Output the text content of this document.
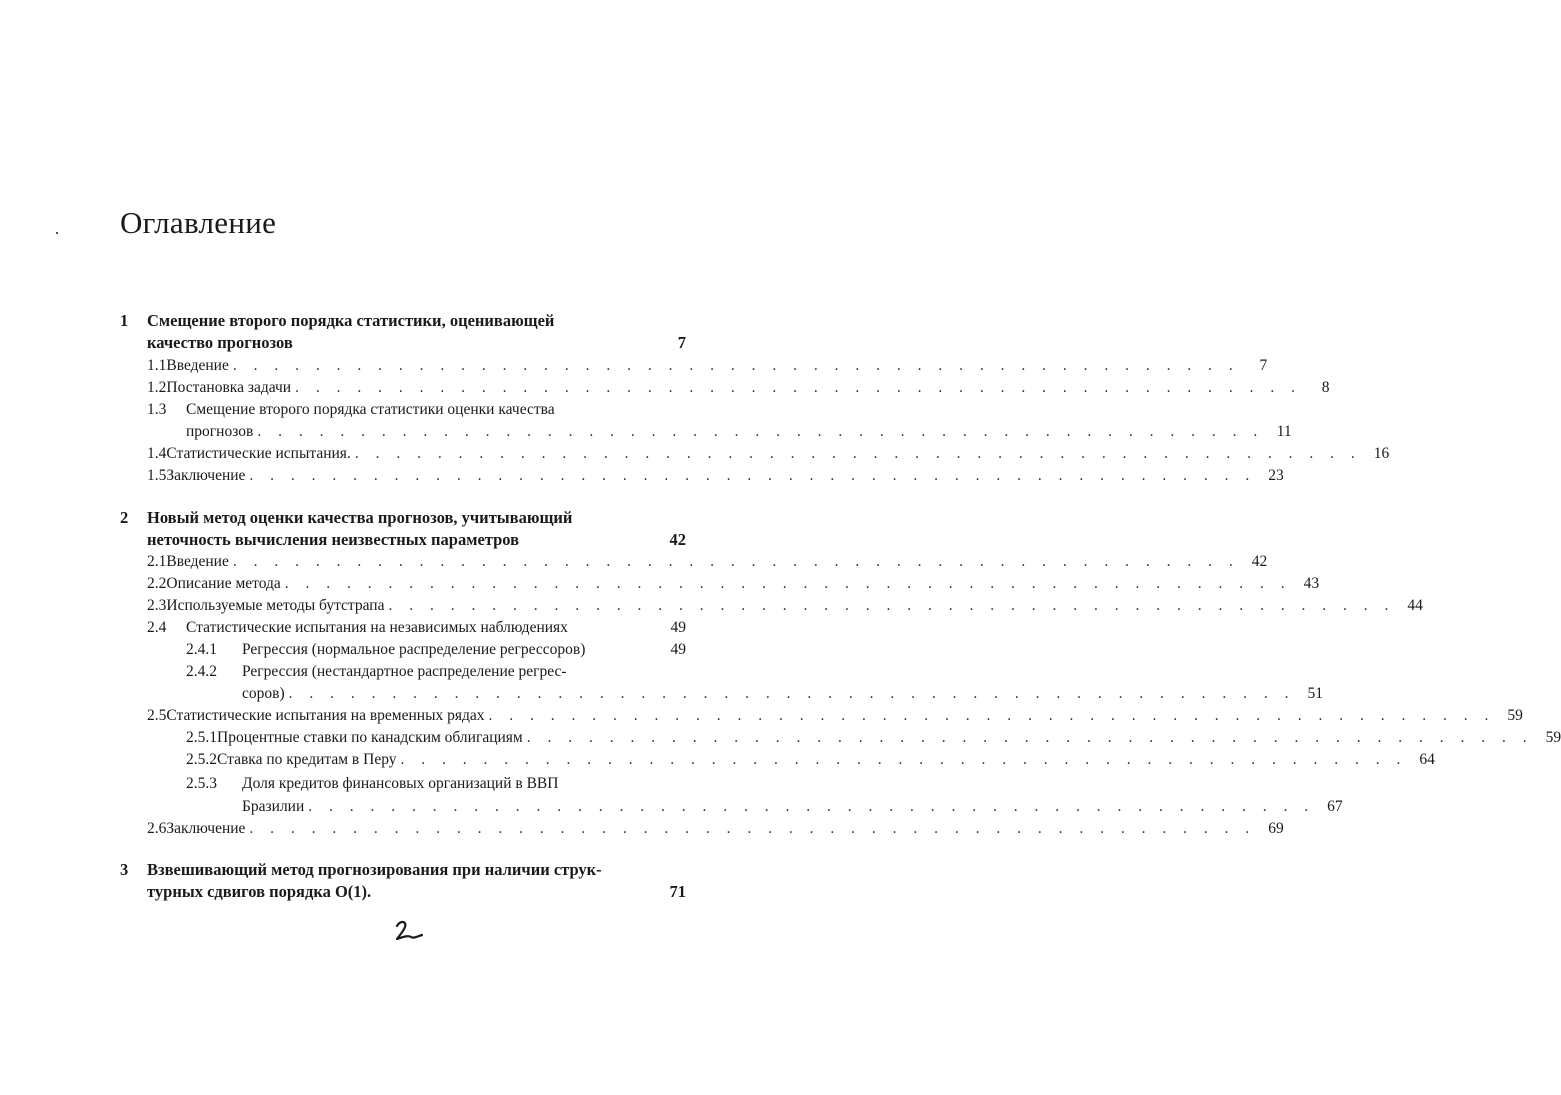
Оглавление
1 Смещение второго порядка статистики, оценивающей
качество прогнозов	7
1.1 Введение . . . . . . . . . . . . . . . . . . . . . . . . . . . . . . . . . . . . . . . . . . . . . . . . .	7
1.2 Постановка задачи . . . . . . . . . . . . . . . . . . . . . . . . . . . . . . . . . . . . . . . . . . . . . . . . .	8
1.3	Смещение второго порядка статистики оценки качества
прогнозов . . . . . . . . . . . . . . . . . . . . . . . . . . . . . . . . . . . . . . . . . . . . . . . . . 11
1.4 Статистические испытания. . . . . . . . . . . . . . . . . . . . . . . . . . . . . . . . . . . . . . . . . . . . . . . . . . 16
1.5 Заключение . . . . . . . . . . . . . . . . . . . . . . . . . . . . . . . . . . . . . . . . . . . . . . . . . 23
2 Новый метод оценки качества прогнозов, учитывающий
неточность вычисления неизвестных параметров	42
2.1 Введение . . . . . . . . . . . . . . . . . . . . . . . . . . . . . . . . . . . . . . . . . . . . . . . . . 42
2.2 Описание метода . . . . . . . . . . . . . . . . . . . . . . . . . . . . . . . . . . . . . . . . . . . . . . . . . 43
2.3 Используемые методы бутстрапа . . . . . . . . . . . . . . . . . . . . . . . . . . . . . . . . . . . . . . . . . . . . . . . . . 44
2.4	Статистические испытания на независимых наблюдениях	49
2.4.1	Регрессия (нормальное распределение регрессоров)	49
2.4.2	Регрессия (нестандартное распределение регрес-
соров) . . . . . . . . . . . . . . . . . . . . . . . . . . . . . . . . . . . . . . . . . . . . . . . . . 51
2.5 Статистические испытания на временных рядах . . . . . . . . . . . . . . . . . . . . . . . . . . . . . . . . . . . . . . . . . . . . . . . . . 59
2.5.1 Процентные ставки по канадским облигациям . . . . . . . . . . . . . . . . . . . . . . . . . . . . . . . . . . . . . . . . . . . . . . . . . 59
2.5.2 Ставка по кредитам в Перу . . . . . . . . . . . . . . . . . . . . . . . . . . . . . . . . . . . . . . . . . . . . . . . . . 64
2.5.3	Доля кредитов финансовых организаций в ВВП
Бразилии . . . . . . . . . . . . . . . . . . . . . . . . . . . . . . . . . . . . . . . . . . . . . . . . . 67
2.6 Заключение . . . . . . . . . . . . . . . . . . . . . . . . . . . . . . . . . . . . . . . . . . . . . . . . . 69
3 Взвешивающий метод прогнозирования при наличии струк-
турных сдвигов порядка O(1).	71
